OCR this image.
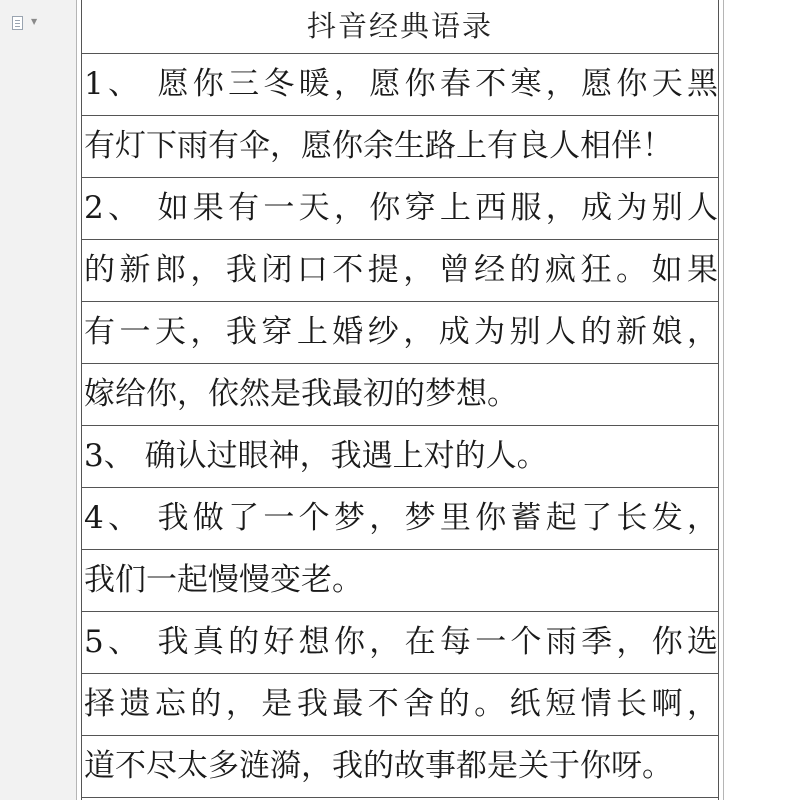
▼	抖音经典语录
1、 愿你三冬暖，愿你春不寒，愿你天黑
有灯下雨有伞，愿你余生路上有良人相伴！
2、 如果有一天，你穿上西服，成为别人
的新郎，我闭口不提，曾经的疯狂。如果
有一天，我穿上婚纱，成为别人的新娘，
嫁给你，依然是我最初的梦想。
3、 确认过眼神，我遇上对的人。
4、 我做了一个梦，梦里你蓄起了长发，
我们一起慢慢变老。
5、 我真的好想你，在每一个雨季，你选
择遗忘的，是我最不舍的。纸短情长啊，
道不尽太多涟漪，我的故事都是关于你呀。
